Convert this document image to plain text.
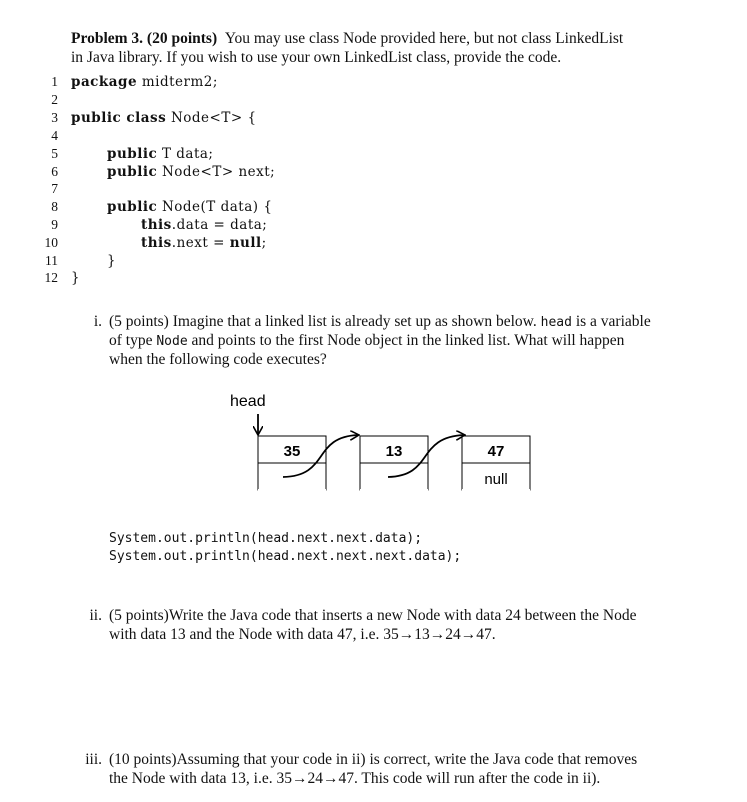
Problem 3. (20 points) You may use class Node provided here, but not class LinkedList
in Java library. If you wish to use your own LinkedList class, provide the code.
1 package midterm2;
2
3 public class Node<T> {
4
5	public T data;
6	public Node<T> next;
7
8	public Node(T data) {
9	this.data = data;
10	this.next = null;
11	}
12 }
i. (5 points) Imagine that a linked list is already set up as shown below. head is a variable
of type Node and points to the first Node object in the linked list. What will happen
when the following code executes?
head
35	13	47
null
System.out.println(head.next.next.data);
System.out.println(head.next.next.next.data);
ii. (5 points)Write the Java code that inserts a new Node with data 24 between the Node
with data 13 and the Node with data 47, i.e. 35→13→24→47.
iii. (10 points)Assuming that your code in ii) is correct, write the Java code that removes
the Node with data 13, i.e. 35→24→47. This code will run after the code in ii).
